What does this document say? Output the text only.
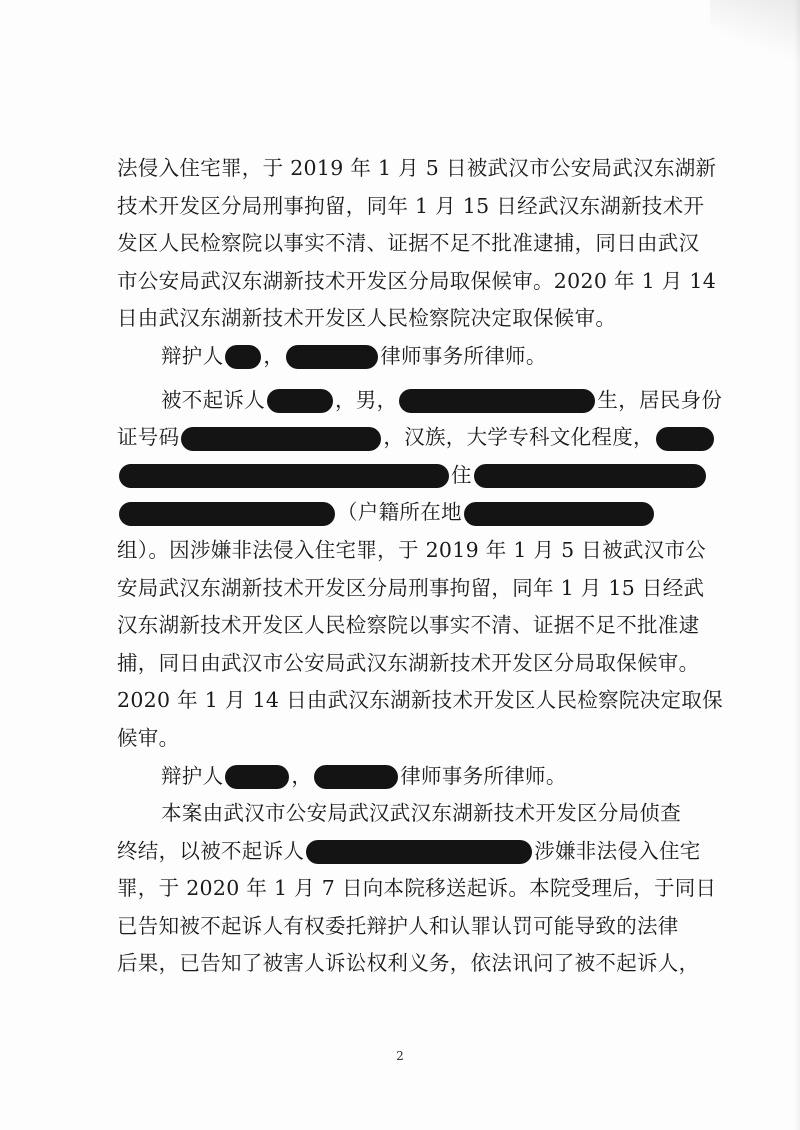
法侵入住宅罪，于 2019 年 1 月 5 日被武汉市公安局武汉东湖新
技术开发区分局刑事拘留，同年 1 月 15 日经武汉东湖新技术开
发区人民检察院以事实不清、证据不足不批准逮捕，同日由武汉
市公安局武汉东湖新技术开发区分局取保候审。2020 年 1 月 14
日由武汉东湖新技术开发区人民检察院决定取保候审。
辩护人 ，	律师事务所律师。
被不起诉人	，男，	生，居民身份
证号码	，汉族，大学专科文化程度，
住
（户籍所在地
组）。因涉嫌非法侵入住宅罪，于 2019 年 1 月 5 日被武汉市公
安局武汉东湖新技术开发区分局刑事拘留，同年 1 月 15 日经武
汉东湖新技术开发区人民检察院以事实不清、证据不足不批准逮
捕，同日由武汉市公安局武汉东湖新技术开发区分局取保候审。
2020 年 1 月 14 日由武汉东湖新技术开发区人民检察院决定取保
候审。
辩护人	，	律师事务所律师。
本案由武汉市公安局武汉武汉东湖新技术开发区分局侦查
终结，以被不起诉人	涉嫌非法侵入住宅
罪，于 2020 年 1 月 7 日向本院移送起诉。本院受理后，于同日
已告知被不起诉人有权委托辩护人和认罪认罚可能导致的法律
后果，已告知了被害人诉讼权利义务，依法讯问了被不起诉人，
2
